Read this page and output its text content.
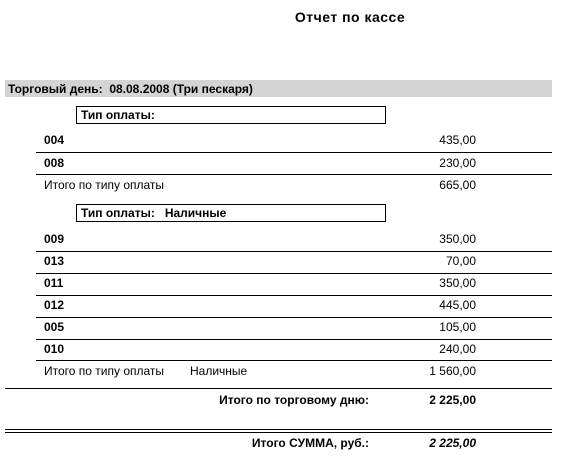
Отчет по кассе
Торговый день: 08.08.2008 (Три пескаря)
Тип оплаты:
004	435,00
008	230,00
Итого по типу оплаты	665,00
Тип оплаты: Наличные
009	350,00
013	70,00
011	350,00
012	445,00
005	105,00
010	240,00
Итого по типу оплаты Наличные	1 560,00
Итого по торговому дню:	2 225,00
Итого СУММА, руб.:	2 225,00
